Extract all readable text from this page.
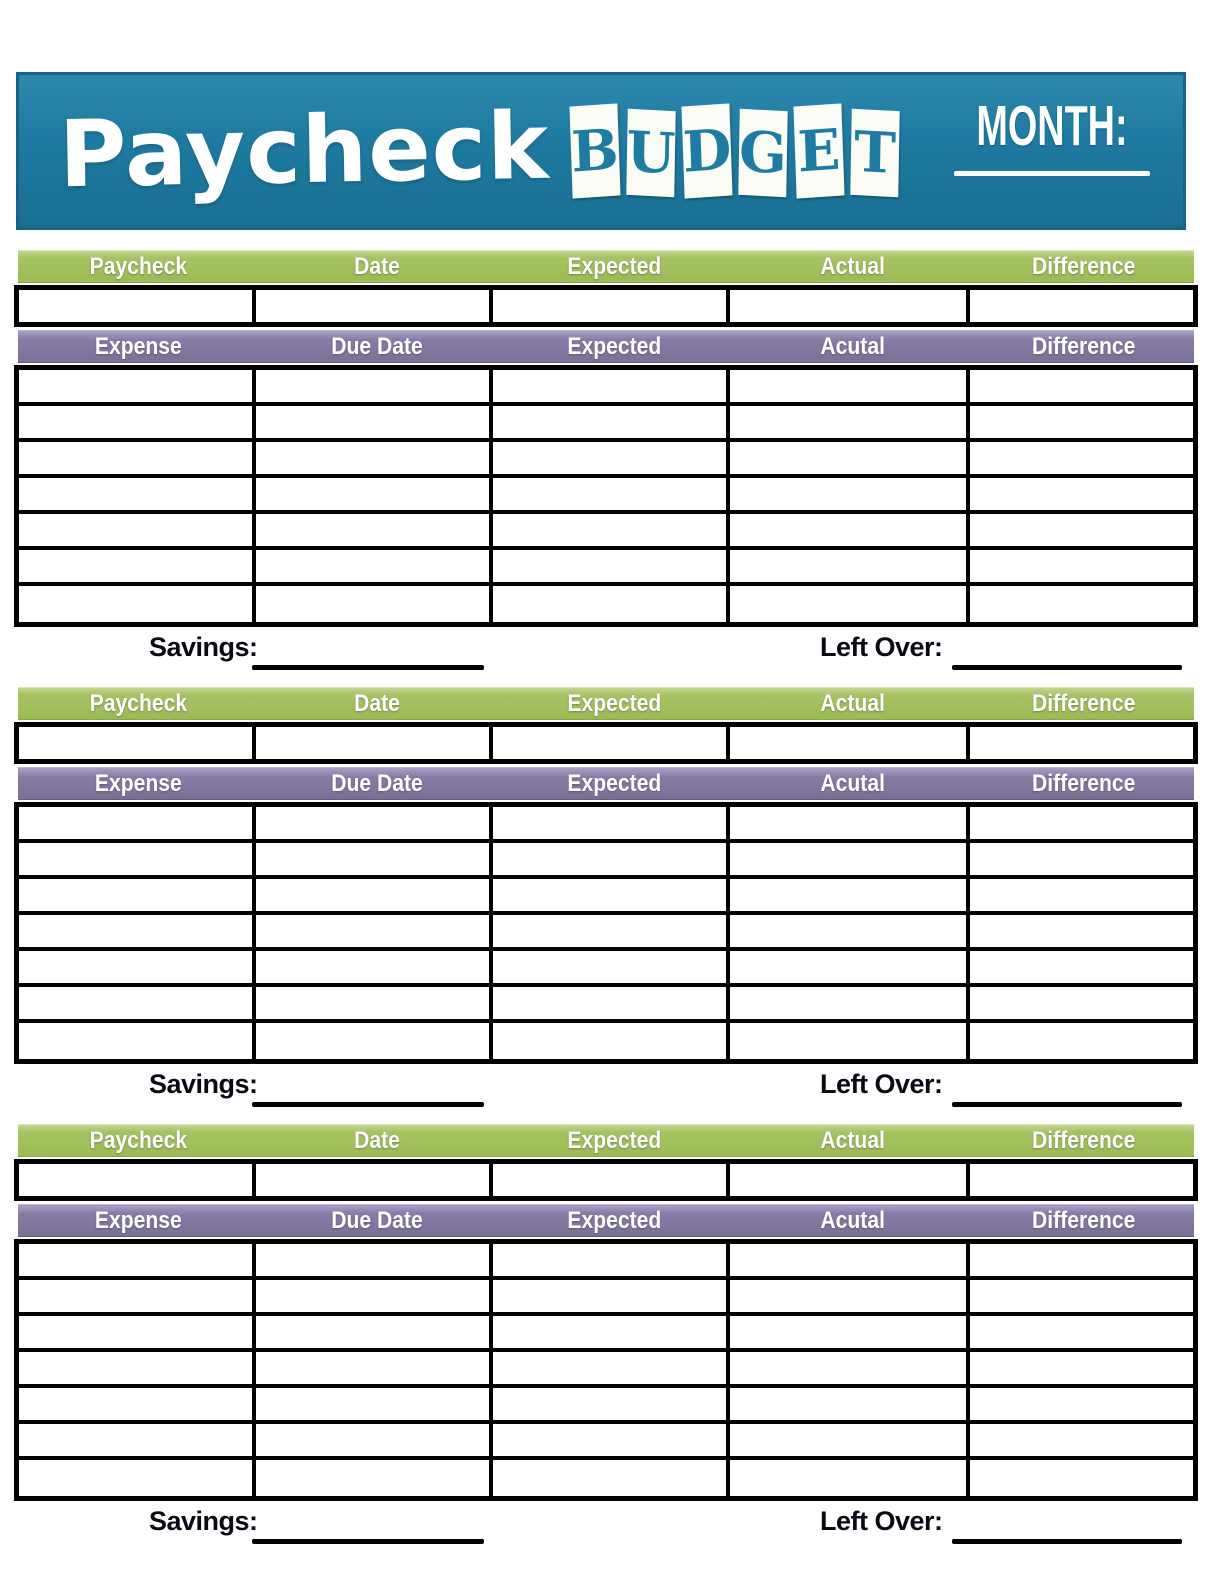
Paycheck B U D G E T	MONTH:
Paycheck	Date	Expected	Actual	Difference
Expense	Due Date	Expected	Acutal	Difference
Savings:	Left Over:
Paycheck	Date	Expected	Actual	Difference
Expense	Due Date	Expected	Acutal	Difference
Savings:	Left Over:
Paycheck	Date	Expected	Actual	Difference
Expense	Due Date	Expected	Acutal	Difference
Savings:	Left Over:
